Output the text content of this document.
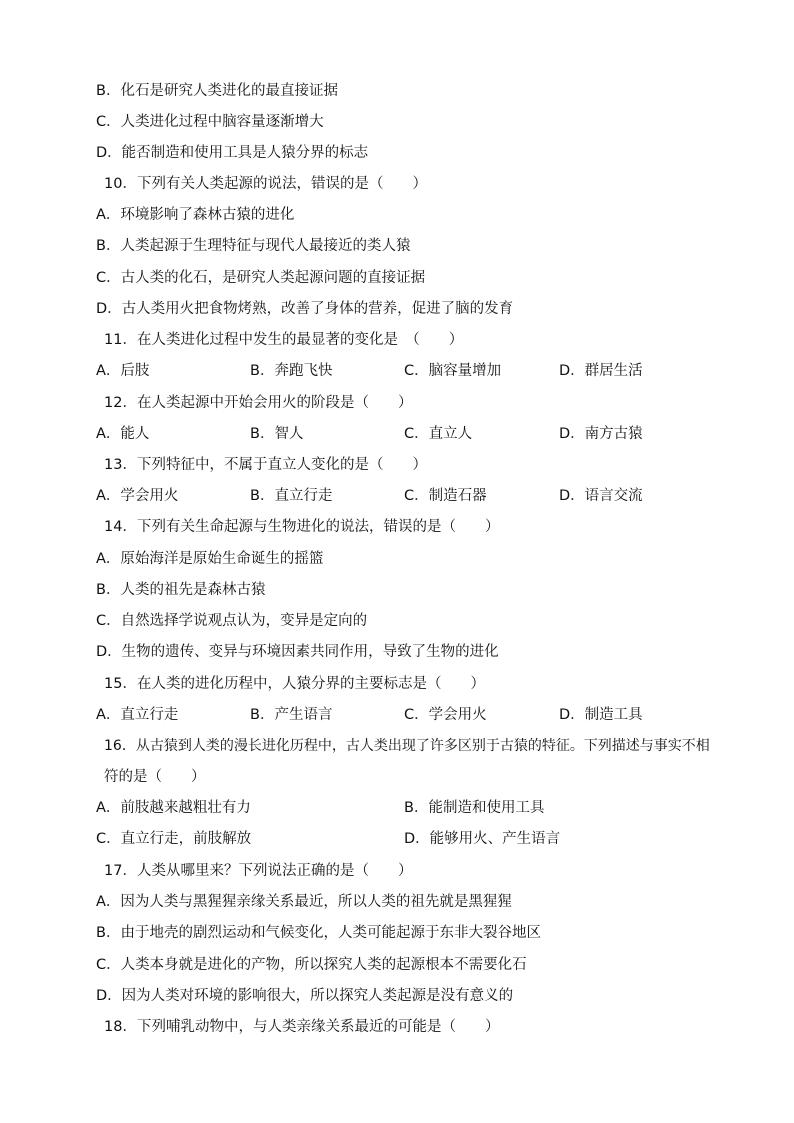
B．化石是研究人类进化的最直接证据
C．人类进化过程中脑容量逐渐增大
D．能否制造和使用工具是人猿分界的标志
10．下列有关人类起源的说法，错误的是（　　）
A．环境影响了森林古猿的进化
B．人类起源于生理特征与现代人最接近的类人猿
C．古人类的化石，是研究人类起源问题的直接证据
D．古人类用火把食物烤熟，改善了身体的营养，促进了脑的发育
11．在人类进化过程中发生的最显著的变化是　（　　）
A．后肢	B．奔跑飞快	C．脑容量增加	D．群居生活
12．在人类起源中开始会用火的阶段是（　　）
A．能人	B．智人	C．直立人	D．南方古猿
13．下列特征中，不属于直立人变化的是（　　）
A．学会用火	B．直立行走	C．制造石器	D．语言交流
14．下列有关生命起源与生物进化的说法，错误的是（　　）
A．原始海洋是原始生命诞生的摇篮
B．人类的祖先是森林古猿
C．自然选择学说观点认为，变异是定向的
D．生物的遗传、变异与环境因素共同作用，导致了生物的进化
15．在人类的进化历程中，人猿分界的主要标志是（　　）
A．直立行走	B．产生语言	C．学会用火	D．制造工具
16．从古猿到人类的漫长进化历程中，古人类出现了许多区别于古猿的特征。下列描述与事实不相
符的是（　　）
A．前肢越来越粗壮有力	B．能制造和使用工具
C．直立行走，前肢解放	D．能够用火、产生语言
17．人类从哪里来？下列说法正确的是（　　）
A．因为人类与黑猩猩亲缘关系最近，所以人类的祖先就是黑猩猩
B．由于地壳的剧烈运动和气候变化，人类可能起源于东非大裂谷地区
C．人类本身就是进化的产物，所以探究人类的起源根本不需要化石
D．因为人类对环境的影响很大，所以探究人类起源是没有意义的
18．下列哺乳动物中，与人类亲缘关系最近的可能是（　　）
